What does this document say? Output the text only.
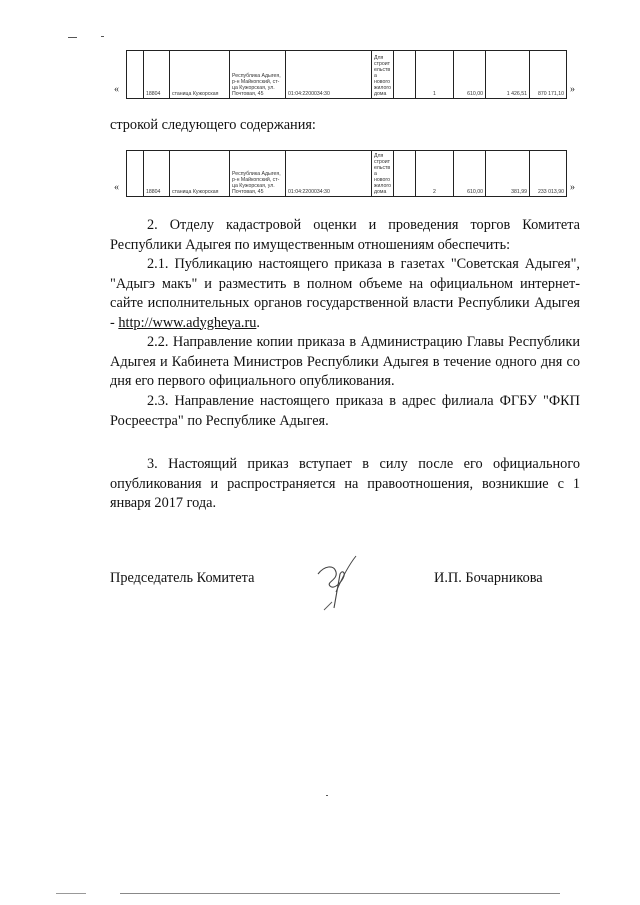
«
		18804	станица Кужорская	Республика Адыгея, р-н Майкопский, ст-ца Кужорская, ул. Почтовая, 45	01:04:2200034:30	Для строительства нового жилого дома		1	610,00	1 426,51	870 171,10 »
строкой следующего содержания:
«
		18804	станица Кужорская	Республика Адыгея, р-н Майкопский, ст-ца Кужорская, ул. Почтовая, 45	01:04:2200034:30	Для строительства нового жилого дома		2	610,00	381,99	233 013,90 »
2. Отделу кадастровой оценки и проведения торгов Комитета Республики Адыгея по имущественным отношениям обеспечить:
2.1. Публикацию настоящего приказа в газетах "Советская Адыгея", "Адыгэ макъ" и разместить в полном объеме на официальном интернет-сайте исполнительных органов государственной власти Республики Адыгея - http://www.adygheya.ru.
2.2. Направление копии приказа в Администрацию Главы Республики Адыгея и Кабинета Министров Республики Адыгея в течение одного дня со дня его первого официального опубликования.
2.3. Направление настоящего приказа в адрес филиала ФГБУ "ФКП Росреестра" по Республике Адыгея.
3. Настоящий приказ вступает в силу после его официального опубликования и распространяется на правоотношения, возникшие с 1 января 2017 года.
Председатель Комитета	И.П. Бочарникова
